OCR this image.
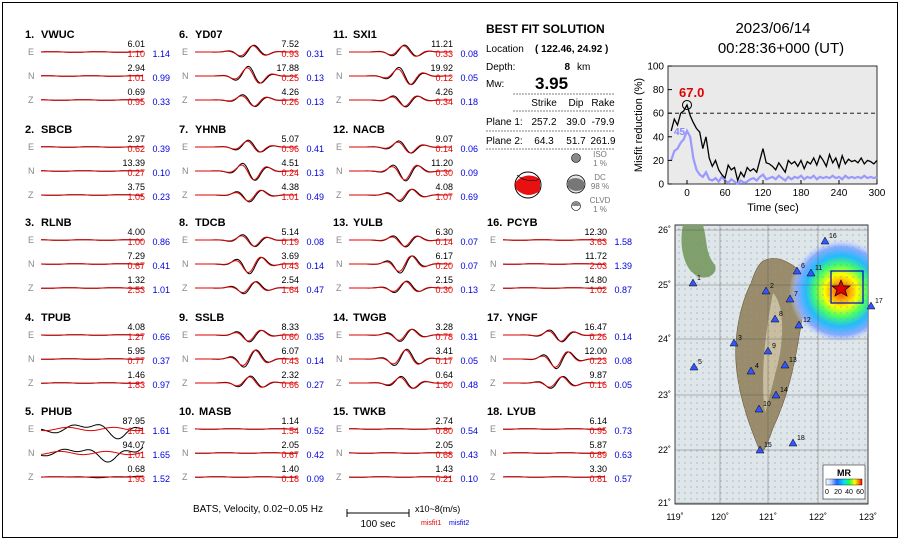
1. VWUC
E
6.01
1.10 1.14
N
2.94
1.01 0.99
Z
0.69
0.95 0.33
2. SBCB
E
2.97
0.62 0.39
N
13.39
0.27 0.10
Z
3.75
1.05 0.23
3. RLNB
E
4.00
1.00 0.86
N
7.29
0.67 0.41
Z
1.32
2.53 1.01
4. TPUB
E
4.08
1.27 0.66
N
5.95
0.77 0.37
Z
1.46
1.83 0.97
5. PHUB
E
87.95
1.01 1.61
N
94.07
1.01 1.65
Z
0.68
1.93 1.52
6. YD07
E
7.52
0.93 0.31
N
17.88
0.25 0.13
Z
4.26
0.26 0.13
7. YHNB
E
5.07
0.96 0.41
N
4.51
0.24 0.13
Z
4.38
1.01 0.49
8. TDCB
E
5.14
0.19 0.08
N
3.69
0.43 0.14
Z
2.54
1.64 0.47
9. SSLB
E
8.33
0.60 0.35
N
6.07
0.43 0.14
Z
2.32
0.66 0.27
10. MASB
E
1.14
1.54 0.52
N
2.05
0.67 0.42
Z
1.40
0.18 0.09
11. SXI1
E
11.21
0.33 0.08
N
19.92
0.12 0.05
Z
4.26
0.34 0.18
12. NACB
E
9.07
0.14 0.06
N
11.20
0.30 0.09
Z
4.08
1.07 0.69
13. YULB
E
6.30
0.14 0.07
N
6.17
0.20 0.07
Z
2.15
0.30 0.13
14. TWGB
E
3.28
0.78 0.31
N
3.41
0.17 0.05
Z
0.64
1.60 0.48
15. TWKB
E
2.74
0.80 0.54
N
2.05
0.68 0.43
Z
1.43
0.21 0.10
16. PCYB
E
12.30
3.63 1.58
N
11.72
2.03 1.39
Z
14.80
1.02 0.87
17. YNGF
E
16.47
0.26 0.14
N
12.00
0.23 0.08
Z
9.87
0.16 0.05
18. LYUB
E
6.14
0.95 0.73
N
5.87
0.89 0.63
Z
3.30
0.81 0.57
BATS, Velocity, 0.02~0.05 Hz
100 sec
x10~8(m/s)
misfit1 misfit2
BEST FIT SOLUTION
Location ( 122.46, 24.92 )
Depth:	8 km
Mw: 3.95
Strike Dip Rake
Plane 1: 257.2 39.0 -79.9
Plane 2: 64.3 51.7 261.9
ISO
1 %
DC
98 %
CLVD
1 %
2023/06/14
00:28:36+000 (UT)
Misfit reduction (%)
Time (sec)
67.0
45
0	60 120 180 240 300
0
20
40
60
80
100
1
2
3
4
5
6
7
8
9
10
11
12
13
14
15
16
17
18
119˚	120˚	121˚	122˚	123˚
26˚
25˚
24˚
23˚
22˚
21˚
MR
0 20 40 60
